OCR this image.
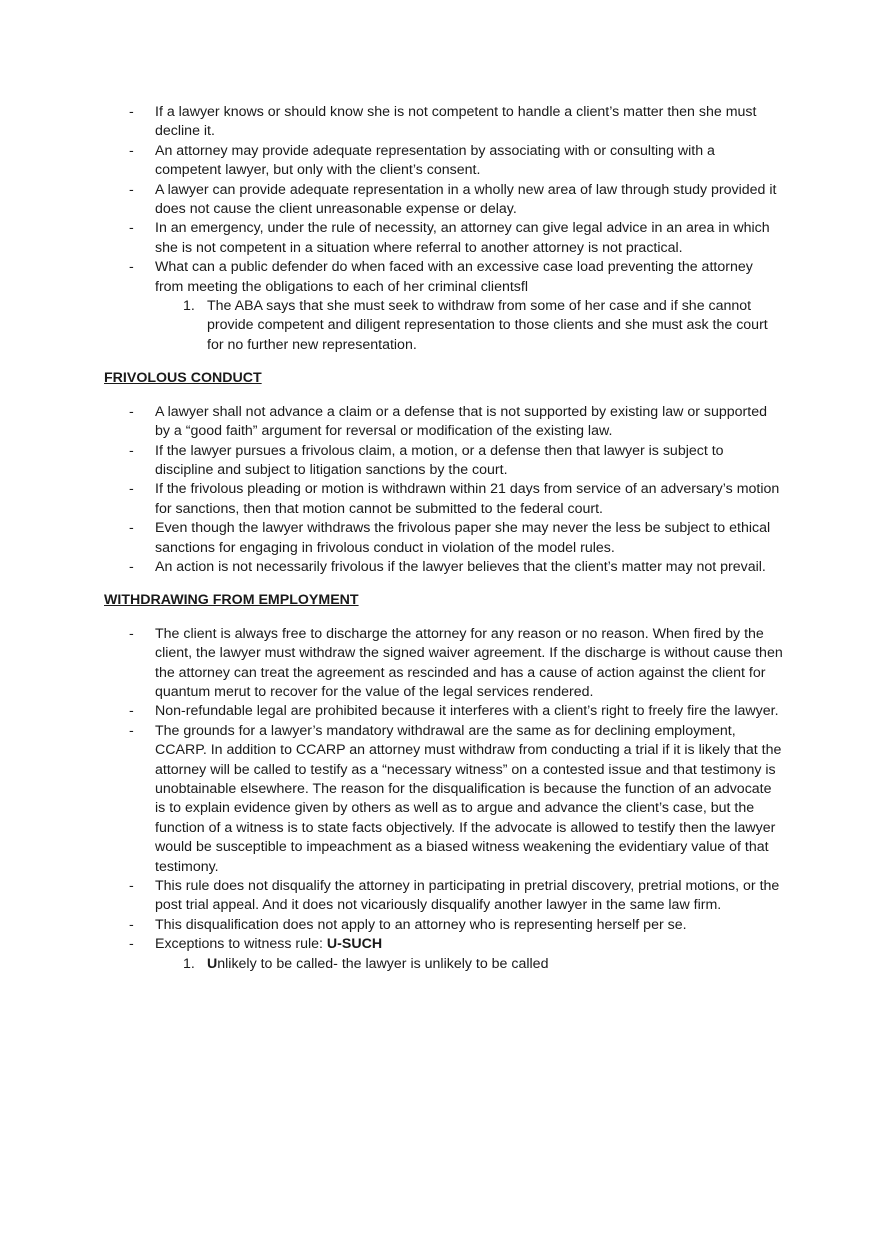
- If a lawyer knows or should know she is not competent to handle a client’s matter then she must decline it.
- An attorney may provide adequate representation by associating with or consulting with a competent lawyer, but only with the client’s consent.
- A lawyer can provide adequate representation in a wholly new area of law through study provided it does not cause the client unreasonable expense or delay.
- In an emergency, under the rule of necessity, an attorney can give legal advice in an area in which she is not competent in a situation where referral to another attorney is not practical.
- What can a public defender do when faced with an excessive case load preventing the attorney from meeting the obligations to each of her criminal clientsfl
1. The ABA says that she must seek to withdraw from some of her case and if she cannot provide competent and diligent representation to those clients and she must ask the court for no further new representation.

FRIVOLOUS CONDUCT

- A lawyer shall not advance a claim or a defense that is not supported by existing law or supported by a “good faith” argument for reversal or modification of the existing law.
- If the lawyer pursues a frivolous claim, a motion, or a defense then that lawyer is subject to discipline and subject to litigation sanctions by the court.
- If the frivolous pleading or motion is withdrawn within 21 days from service of an adversary’s motion for sanctions, then that motion cannot be submitted to the federal court.
- Even though the lawyer withdraws the frivolous paper she may never the less be subject to ethical sanctions for engaging in frivolous conduct in violation of the model rules.
- An action is not necessarily frivolous if the lawyer believes that the client’s matter may not prevail.

WITHDRAWING FROM EMPLOYMENT

- The client is always free to discharge the attorney for any reason or no reason. When fired by the client, the lawyer must withdraw the signed waiver agreement. If the discharge is without cause then the attorney can treat the agreement as rescinded and has a cause of action against the client for quantum merut to recover for the value of the legal services rendered.
- Non-refundable legal are prohibited because it interferes with a client’s right to freely fire the lawyer.
- The grounds for a lawyer’s mandatory withdrawal are the same as for declining employment, CCARP. In addition to CCARP an attorney must withdraw from conducting a trial if it is likely that the attorney will be called to testify as a “necessary witness” on a contested issue and that testimony is unobtainable elsewhere. The reason for the disqualification is because the function of an advocate is to explain evidence given by others as well as to argue and advance the client’s case, but the function of a witness is to state facts objectively. If the advocate is allowed to testify then the lawyer would be susceptible to impeachment as a biased witness weakening the evidentiary value of that testimony.
- This rule does not disqualify the attorney in participating in pretrial discovery, pretrial motions, or the post trial appeal. And it does not vicariously disqualify another lawyer in the same law firm.
- This disqualification does not apply to an attorney who is representing herself per se.
- Exceptions to witness rule: U-SUCH
1. Unlikely to be called- the lawyer is unlikely to be called
